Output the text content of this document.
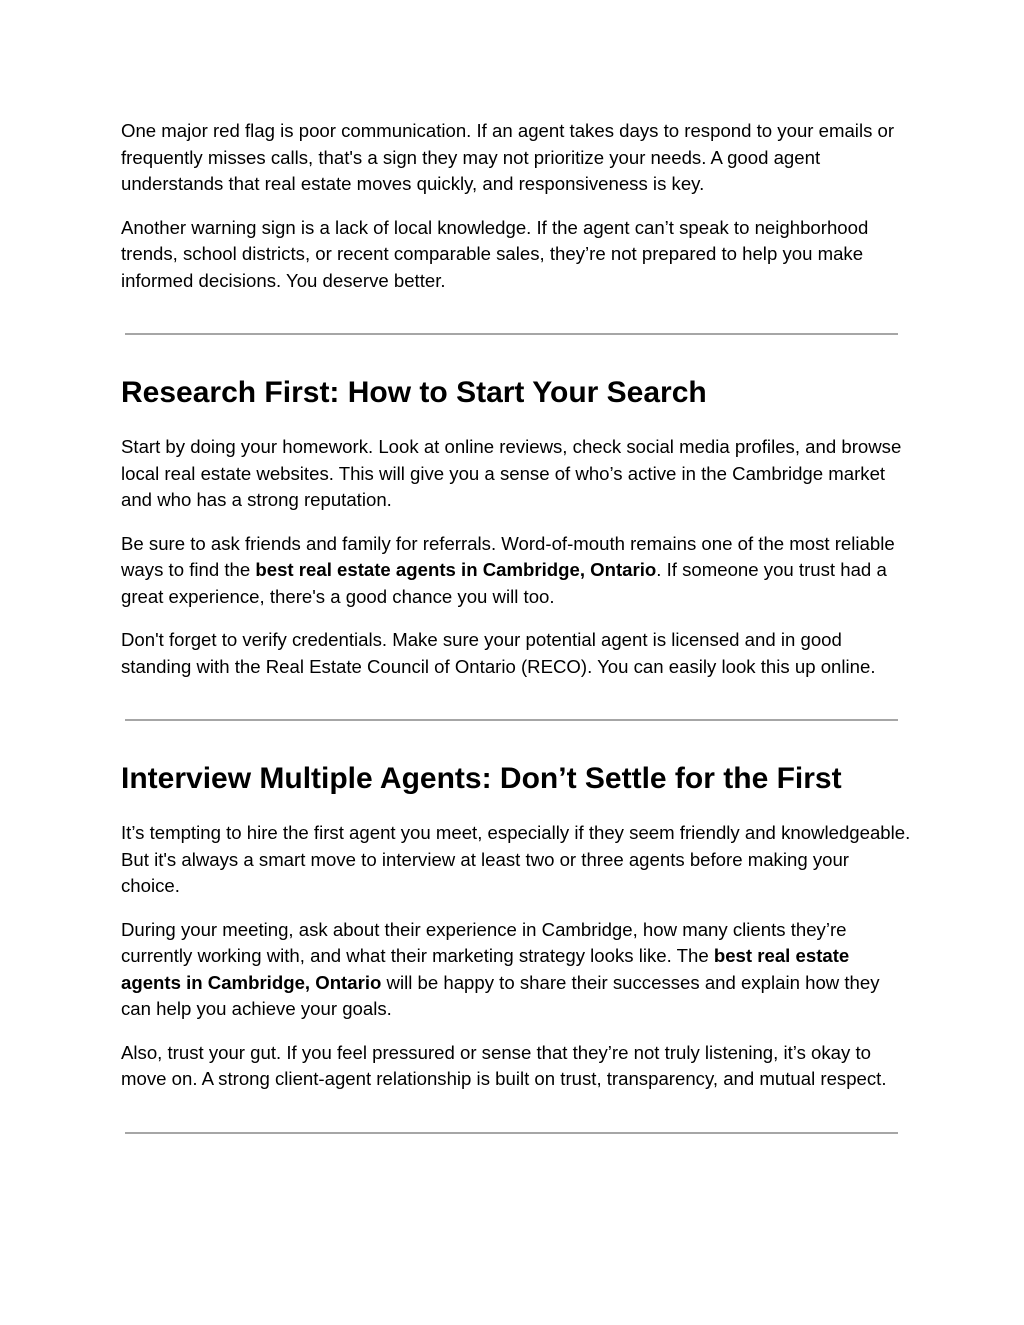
One major red flag is poor communication. If an agent takes days to respond to your emails or frequently misses calls, that's a sign they may not prioritize your needs. A good agent understands that real estate moves quickly, and responsiveness is key.

Another warning sign is a lack of local knowledge. If the agent can’t speak to neighborhood trends, school districts, or recent comparable sales, they’re not prepared to help you make informed decisions. You deserve better.

Research First: How to Start Your Search

Start by doing your homework. Look at online reviews, check social media profiles, and browse local real estate websites. This will give you a sense of who’s active in the Cambridge market and who has a strong reputation.

Be sure to ask friends and family for referrals. Word-of-mouth remains one of the most reliable ways to find the best real estate agents in Cambridge, Ontario. If someone you trust had a great experience, there's a good chance you will too.

Don't forget to verify credentials. Make sure your potential agent is licensed and in good standing with the Real Estate Council of Ontario (RECO). You can easily look this up online.

Interview Multiple Agents: Don’t Settle for the First

It’s tempting to hire the first agent you meet, especially if they seem friendly and knowledgeable. But it's always a smart move to interview at least two or three agents before making your choice.

During your meeting, ask about their experience in Cambridge, how many clients they’re currently working with, and what their marketing strategy looks like. The best real estate agents in Cambridge, Ontario will be happy to share their successes and explain how they can help you achieve your goals.

Also, trust your gut. If you feel pressured or sense that they’re not truly listening, it’s okay to move on. A strong client-agent relationship is built on trust, transparency, and mutual respect.
